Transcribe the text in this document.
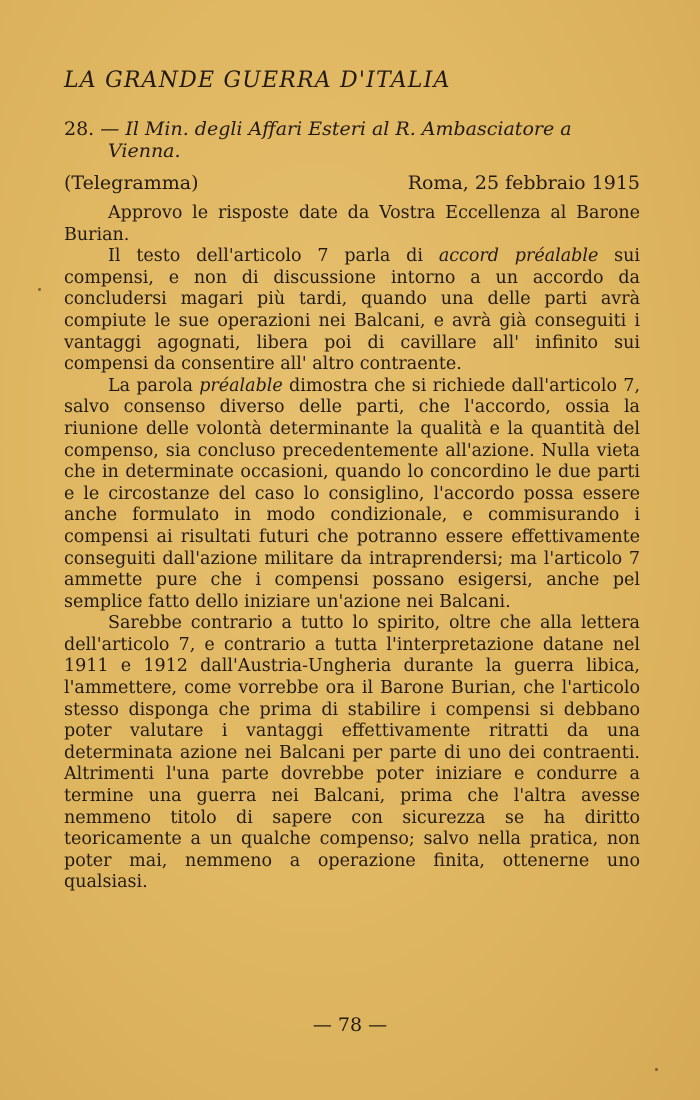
LA GRANDE GUERRA D'ITALIA
28. — Il Min. degli Affari Esteri al R. Ambasciatore a
Vienna.
(Telegramma)	Roma, 25 febbraio 1915

Approvo le risposte date da Vostra Eccellenza al Barone Burian.

Il testo dell'articolo 7 parla di accord préalable sui compensi, e non di discussione intorno a un accordo da concludersi magari più tardi, quando una delle parti avrà compiute le sue operazioni nei Balcani, e avrà già conseguiti i vantaggi agognati, libera poi di cavillare all' infinito sui compensi da consentire all' altro contraente.

La parola préalable dimostra che si richiede dall'articolo 7, salvo consenso diverso delle parti, che l'accordo, ossia la riunione delle volontà determinante la qualità e la quantità del compenso, sia concluso precedentemente all'azione. Nulla vieta che in determinate occasioni, quando lo concordino le due parti e le circostanze del caso lo consiglino, l'accordo possa essere anche formulato in modo condizionale, e commisurando i compensi ai risultati futuri che potranno essere effettivamente conseguiti dall'azione militare da intraprendersi; ma l'articolo 7 ammette pure che i compensi possano esigersi, anche pel semplice fatto dello iniziare un'azione nei Balcani.

Sarebbe contrario a tutto lo spirito, oltre che alla lettera dell'articolo 7, e contrario a tutta l'interpretazione datane nel 1911 e 1912 dall'Austria-Ungheria durante la guerra libica, l'ammettere, come vorrebbe ora il Barone Burian, che l'articolo stesso disponga che prima di stabilire i compensi si debbano poter valutare i vantaggi effettivamente ritratti da una determinata azione nei Balcani per parte di uno dei contraenti. Altrimenti l'una parte dovrebbe poter iniziare e condurre a termine una guerra nei Balcani, prima che l'altra avesse nemmeno titolo di sapere con sicurezza se ha diritto teoricamente a un qualche compenso; salvo nella pratica, non poter mai, nemmeno a operazione finita, ottenerne uno qualsiasi.

— 78 —
